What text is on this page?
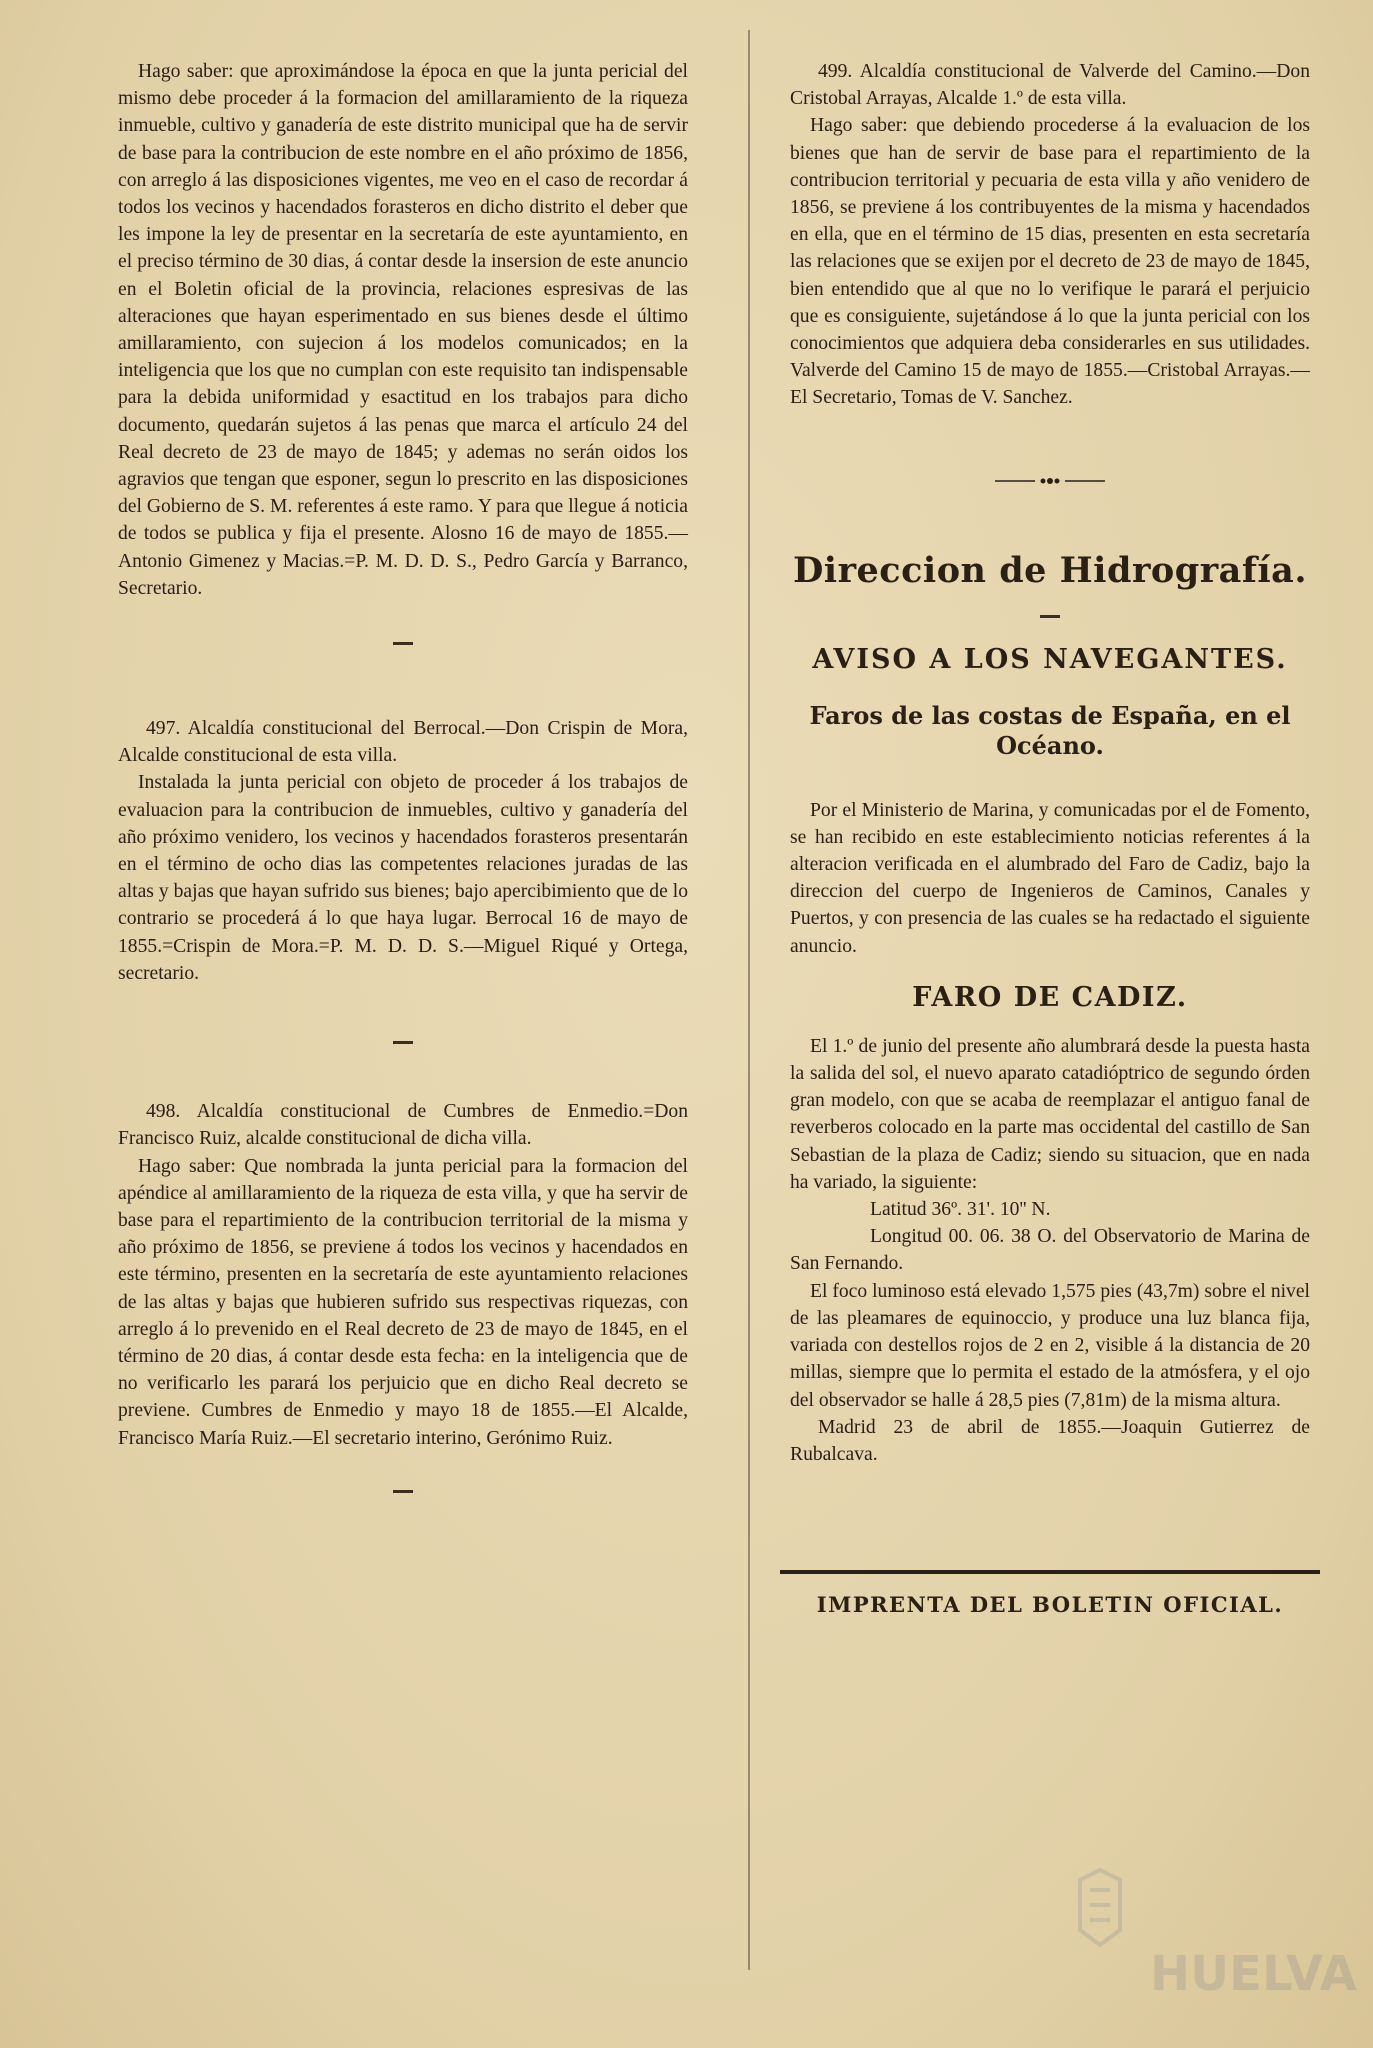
Hago saber: que aproximándose la época en que la junta pericial del mismo debe proceder á la formacion del amillaramiento de la riqueza inmueble, cultivo y ganadería de este distrito municipal que ha de servir de base para la contribucion de este nombre en el año próximo de 1856, con arreglo á las disposiciones vigentes, me veo en el caso de recordar á todos los vecinos y hacendados forasteros en dicho distrito el deber que les impone la ley de presentar en la secretaría de este ayuntamiento, en el preciso término de 30 dias, á contar desde la insersion de este anuncio en el Boletin oficial de la provincia, relaciones espresivas de las alteraciones que hayan esperimentado en sus bienes desde el último amillaramiento, con sujecion á los modelos comunicados; en la inteligencia que los que no cumplan con este requisito tan indispensable para la debida uniformidad y esactitud en los trabajos para dicho documento, quedarán sujetos á las penas que marca el artículo 24 del Real decreto de 23 de mayo de 1845; y ademas no serán oidos los agravios que tengan que esponer, segun lo prescrito en las disposiciones del Gobierno de S. M. referentes á este ramo. Y para que llegue á noticia de todos se publica y fija el presente. Alosno 16 de mayo de 1855.—Antonio Gimenez y Macias.=P. M. D. D. S., Pedro García y Barranco, Secretario.

497. Alcaldía constitucional del Berrocal.—Don Crispin de Mora, Alcalde constitucional de esta villa.

Instalada la junta pericial con objeto de proceder á los trabajos de evaluacion para la contribucion de inmuebles, cultivo y ganadería del año próximo venidero, los vecinos y hacendados forasteros presentarán en el término de ocho dias las competentes relaciones juradas de las altas y bajas que hayan sufrido sus bienes; bajo apercibimiento que de lo contrario se procederá á lo que haya lugar. Berrocal 16 de mayo de 1855.=Crispin de Mora.=P. M. D. D. S.—Miguel Riqué y Ortega, secretario.

498. Alcaldía constitucional de Cumbres de Enmedio.=Don Francisco Ruiz, alcalde constitucional de dicha villa.

Hago saber: Que nombrada la junta pericial para la formacion del apéndice al amillaramiento de la riqueza de esta villa, y que ha servir de base para el repartimiento de la contribucion territorial de la misma y año próximo de 1856, se previene á todos los vecinos y hacendados en este término, presenten en la secretaría de este ayuntamiento relaciones de las altas y bajas que hubieren sufrido sus respectivas riquezas, con arreglo á lo prevenido en el Real decreto de 23 de mayo de 1845, en el término de 20 dias, á contar desde esta fecha: en la inteligencia que de no verificarlo les parará los perjuicio que en dicho Real decreto se previene. Cumbres de Enmedio y mayo 18 de 1855.—El Alcalde, Francisco María Ruiz.—El secretario interino, Gerónimo Ruiz.

499. Alcaldía constitucional de Valverde del Camino.—Don Cristobal Arrayas, Alcalde 1.º de esta villa.

Hago saber: que debiendo procederse á la evaluacion de los bienes que han de servir de base para el repartimiento de la contribucion territorial y pecuaria de esta villa y año venidero de 1856, se previene á los contribuyentes de la misma y hacendados en ella, que en el término de 15 dias, presenten en esta secretaría las relaciones que se exijen por el decreto de 23 de mayo de 1845, bien entendido que al que no lo verifique le parará el perjuicio que es consiguiente, sujetándose á lo que la junta pericial con los conocimientos que adquiera deba considerarles en sus utilidades. Valverde del Camino 15 de mayo de 1855.—Cristobal Arrayas.—El Secretario, Tomas de V. Sanchez.

Direccion de Hidrografía.
AVISO A LOS NAVEGANTES.
Faros de las costas de España, en el Océano.

Por el Ministerio de Marina, y comunicadas por el de Fomento, se han recibido en este establecimiento noticias referentes á la alteracion verificada en el alumbrado del Faro de Cadiz, bajo la direccion del cuerpo de Ingenieros de Caminos, Canales y Puertos, y con presencia de las cuales se ha redactado el siguiente anuncio.

FARO DE CADIZ.

El 1.º de junio del presente año alumbrará desde la puesta hasta la salida del sol, el nuevo aparato catadióptrico de segundo órden gran modelo, con que se acaba de reemplazar el antiguo fanal de reverberos colocado en la parte mas occidental del castillo de San Sebastian de la plaza de Cadiz; siendo su situacion, que en nada ha variado, la siguiente:

Latitud 36º. 31'. 10'' N.

Longitud 00. 06. 38 O. del Observatorio de Marina de San Fernando.

El foco luminoso está elevado 1,575 pies (43,7m) sobre el nivel de las pleamares de equinoccio, y produce una luz blanca fija, variada con destellos rojos de 2 en 2, visible á la distancia de 20 millas, siempre que lo permita el estado de la atmósfera, y el ojo del observador se halle á 28,5 pies (7,81m) de la misma altura.

Madrid 23 de abril de 1855.—Joaquin Gutierrez de Rubalcava.

IMPRENTA DEL BOLETIN OFICIAL.

HUELVA
